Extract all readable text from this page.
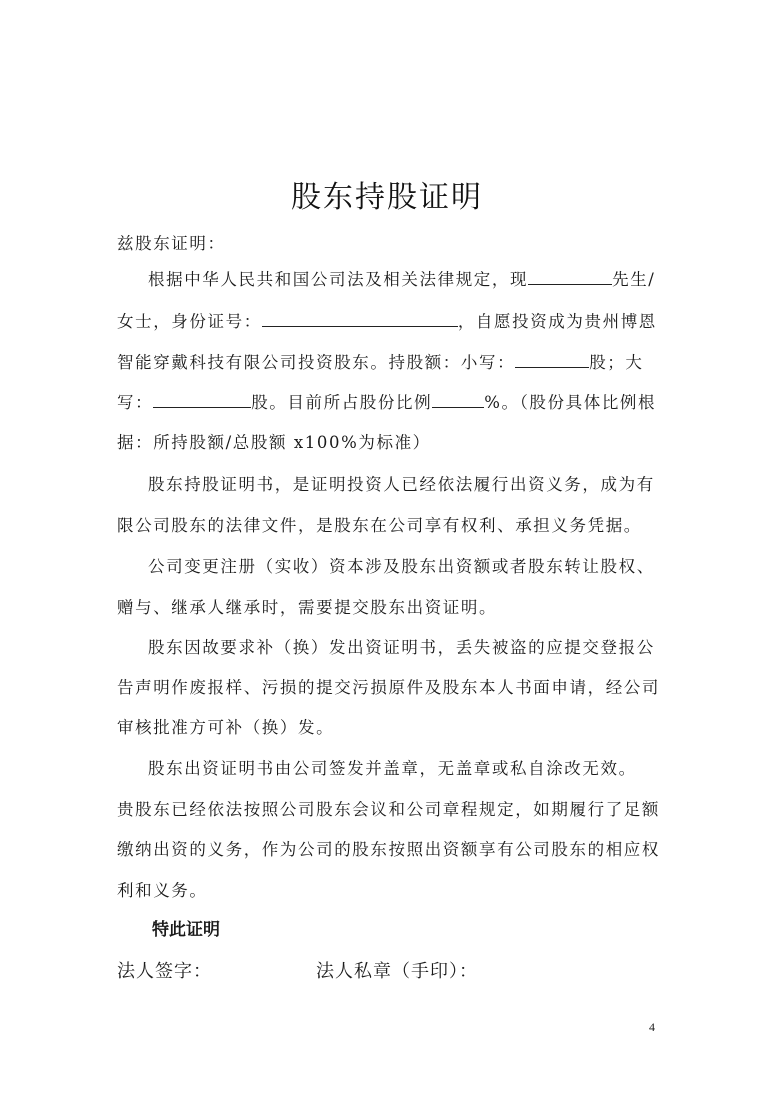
股东持股证明
兹股东证明：
根据中华人民共和国公司法及相关法律规定，现	先生/
女士，身份证号：	，自愿投资成为贵州博恩
智能穿戴科技有限公司投资股东。持股额：小写：	股；大
写：	股。目前所占股份比例	%。（股份具体比例根
据：所持股额/总股额 x100%为标准）
股东持股证明书，是证明投资人已经依法履行出资义务，成为有
限公司股东的法律文件，是股东在公司享有权利、承担义务凭据。
公司变更注册（实收）资本涉及股东出资额或者股东转让股权、
赠与、继承人继承时，需要提交股东出资证明。
股东因故要求补（换）发出资证明书，丢失被盗的应提交登报公
告声明作废报样、污损的提交污损原件及股东本人书面申请，经公司
审核批准方可补（换）发。
股东出资证明书由公司签发并盖章，无盖章或私自涂改无效。
贵股东已经依法按照公司股东会议和公司章程规定，如期履行了足额
缴纳出资的义务，作为公司的股东按照出资额享有公司股东的相应权
利和义务。
特此证明
法人签字：	法人私章（手印）：
4
